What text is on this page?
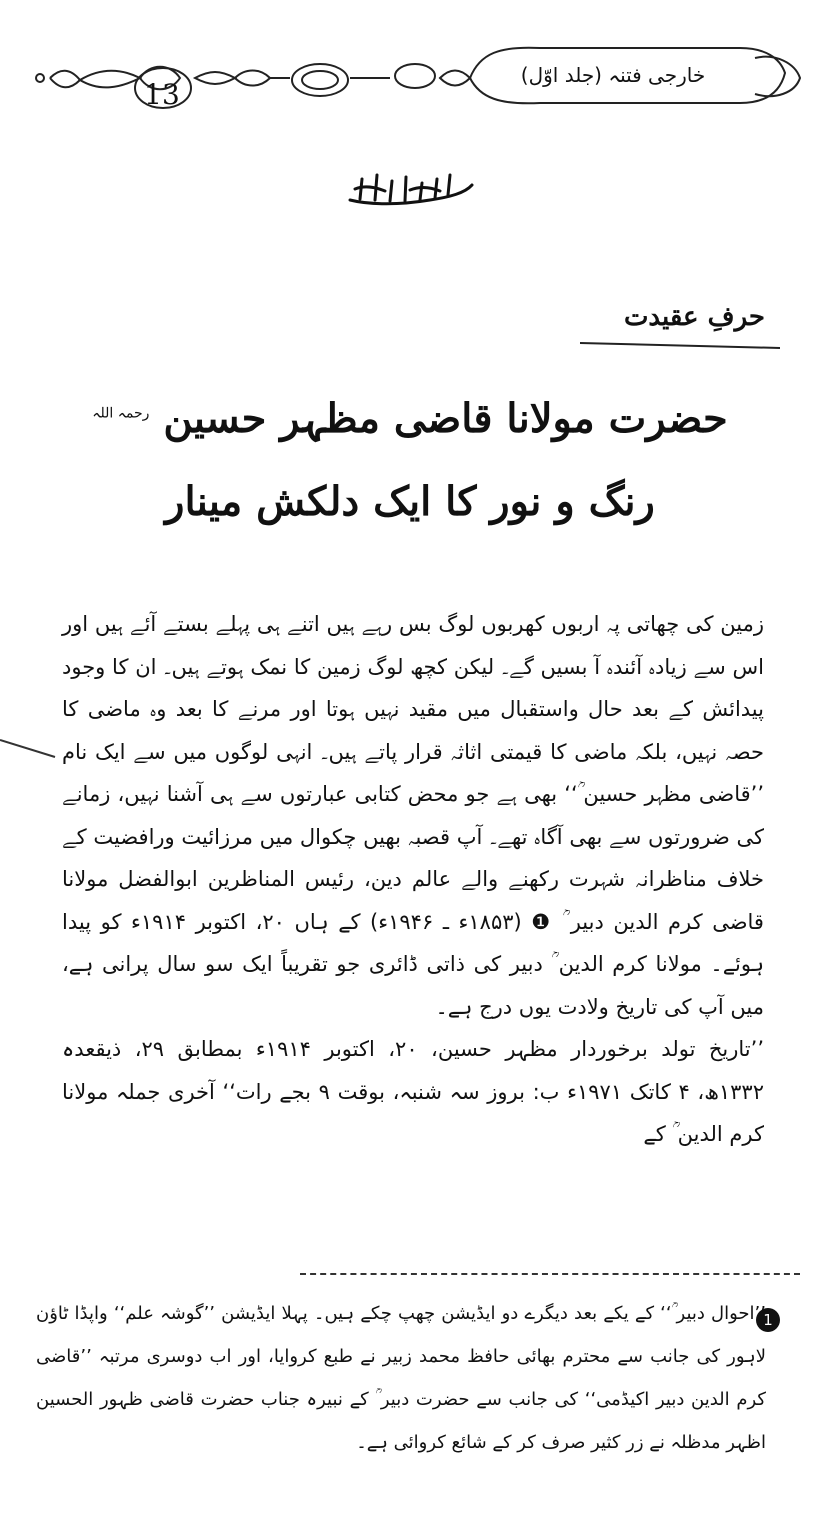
13
خارجی فتنہ (جلد اوّل)
حرفِ عقیدت
حضرت مولانا قاضی مظہر حسین $^{رحمہ اللہ}$
رنگ و نور کا ایک دلکش مینار

زمین کی چھاتی پہ اربوں کھربوں لوگ بس رہے ہیں اتنے ہی پہلے بستے آئے ہیں اور اس سے زیادہ آئندہ آ بسیں گے۔ لیکن کچھ لوگ زمین کا نمک ہوتے ہیں۔ ان کا وجود پیدائش کے بعد حال واستقبال میں مقید نہیں ہوتا اور مرنے کا بعد وہ ماضی کا حصہ نہیں، بلکہ ماضی کا قیمتی اثاثہ قرار پاتے ہیں۔ انہی لوگوں میں سے ایک نام ’’قاضی مظہر حسین ؒ‘‘ بھی ہے جو محض کتابی عبارتوں سے ہی آشنا نہیں، زمانے کی ضرورتوں سے بھی آگاہ تھے۔ آپ قصبہ بھیں چکوال میں مرزائیت ورافضیت کے خلاف مناظرانہ شہرت رکھنے والے عالم دین، رئیس المناظرین ابوالفضل مولانا قاضی کرم الدین دبیر ؒ ❶ (۱۸۵۳ء ـ ۱۹۴۶ء) کے ہاں ۲۰، اکتوبر ۱۹۱۴ء کو پیدا ہوئے۔ مولانا کرم الدین ؒ دبیر کی ذاتی ڈائری جو تقریباً ایک سو سال پرانی ہے، میں آپ کی تاریخ ولادت یوں درج ہے۔

’’تاریخ تولد برخوردار مظہر حسین، ۲۰، اکتوبر ۱۹۱۴ء بمطابق ۲۹، ذیقعدہ ۱۳۳۲ھ، ۴ کاتک ۱۹۷۱ء ب: بروز سہ شنبہ، بوقت ۹ بجے رات‘‘ آخری جملہ مولانا کرم الدین ؒ کے

1
’’احوال دبیر ؒ‘‘ کے یکے بعد دیگرے دو ایڈیشن چھپ چکے ہیں۔ پہلا ایڈیشن ’’گوشہ علم‘‘ واپڈا ٹاؤن لاہور کی جانب سے محترم بھائی حافظ محمد زبیر نے طبع کروایا، اور اب دوسری مرتبہ ’’قاضی کرم الدین دبیر اکیڈمی‘‘ کی جانب سے حضرت دبیر ؒ کے نبیرہ جناب حضرت قاضی ظہور الحسین اظہر مدظلہ نے زر کثیر صرف کر کے شائع کروائی ہے۔
